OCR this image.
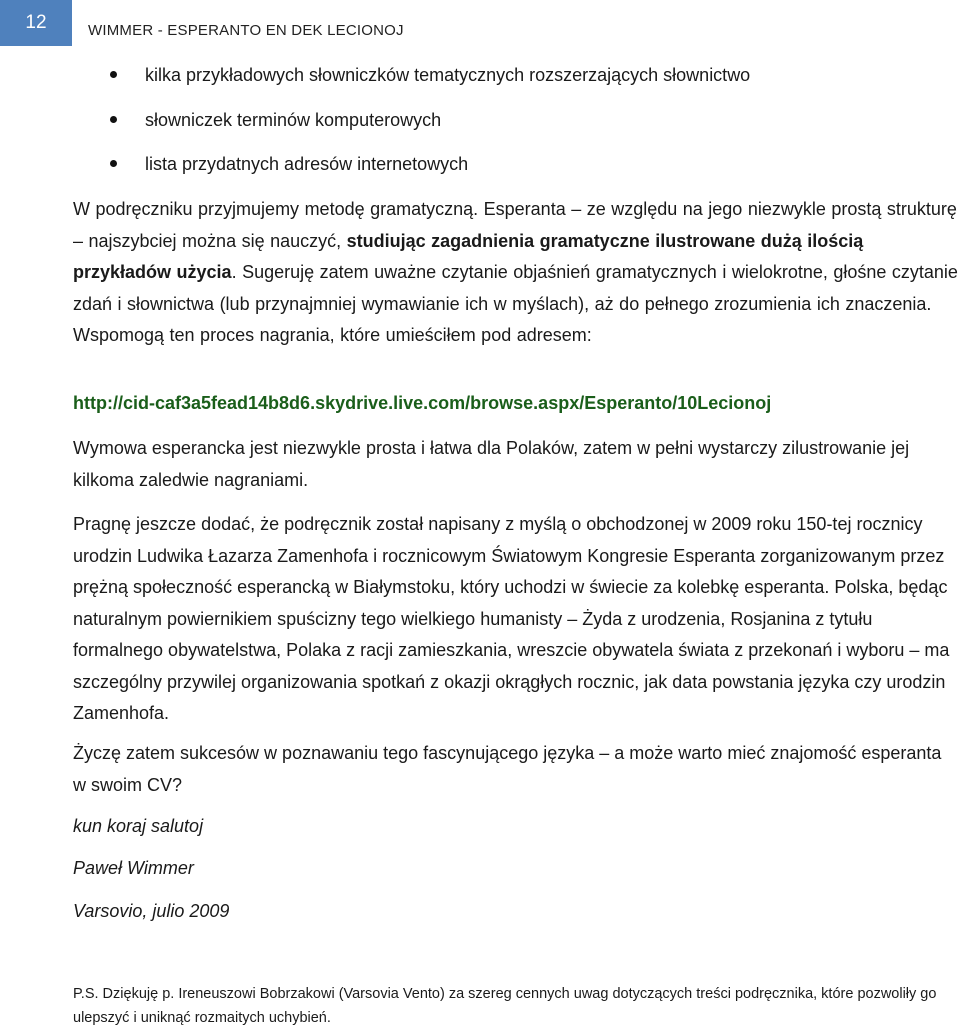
12	WIMMER - ESPERANTO EN DEK LECIONOJ
kilka przykładowych słowniczków tematycznych rozszerzających słownictwo
słowniczek terminów komputerowych
lista przydatnych adresów internetowych

W podręczniku przyjmujemy metodę gramatyczną. Esperanta – ze względu na jego niezwykle prostą strukturę – najszybciej można się nauczyć, studiując zagadnienia gramatyczne ilustrowane dużą ilością przykładów użycia. Sugeruję zatem uważne czytanie objaśnień gramatycznych i wielokrotne, głośne czytanie zdań i słownictwa (lub przynajmniej wymawianie ich w myślach), aż do pełnego zrozumienia ich znaczenia. Wspomogą ten proces nagrania, które umieściłem pod adresem:

http://cid-caf3a5fead14b8d6.skydrive.live.com/browse.aspx/Esperanto/10Lecionoj

Wymowa esperancka jest niezwykle prosta i łatwa dla Polaków, zatem w pełni wystarczy zilustrowanie jej kilkoma zaledwie nagraniami.

Pragnę jeszcze dodać, że podręcznik został napisany z myślą o obchodzonej w 2009 roku 150-tej rocznicy urodzin Ludwika Łazarza Zamenhofa i rocznicowym Światowym Kongresie Esperanta zorganizowanym przez prężną społeczność esperancką w Białymstoku, który uchodzi w świecie za kolebkę esperanta. Polska, będąc naturalnym powiernikiem spuścizny tego wielkiego humanisty – Żyda z urodzenia, Rosjanina z tytułu formalnego obywatelstwa, Polaka z racji zamieszkania, wreszcie obywatela świata z przekonań i wyboru – ma szczególny przywilej organizowania spotkań z okazji okrągłych rocznic, jak data powstania języka czy urodzin Zamenhofa.

Życzę zatem sukcesów w poznawaniu tego fascynującego języka – a może warto mieć znajomość esperanta w swoim CV?

kun koraj salutoj
Paweł Wimmer
Varsovio, julio 2009

P.S. Dziękuję p. Ireneuszowi Bobrzakowi (Varsovia Vento) za szereg cennych uwag dotyczących treści podręcznika, które pozwoliły go ulepszyć i uniknąć rozmaitych uchybień.
